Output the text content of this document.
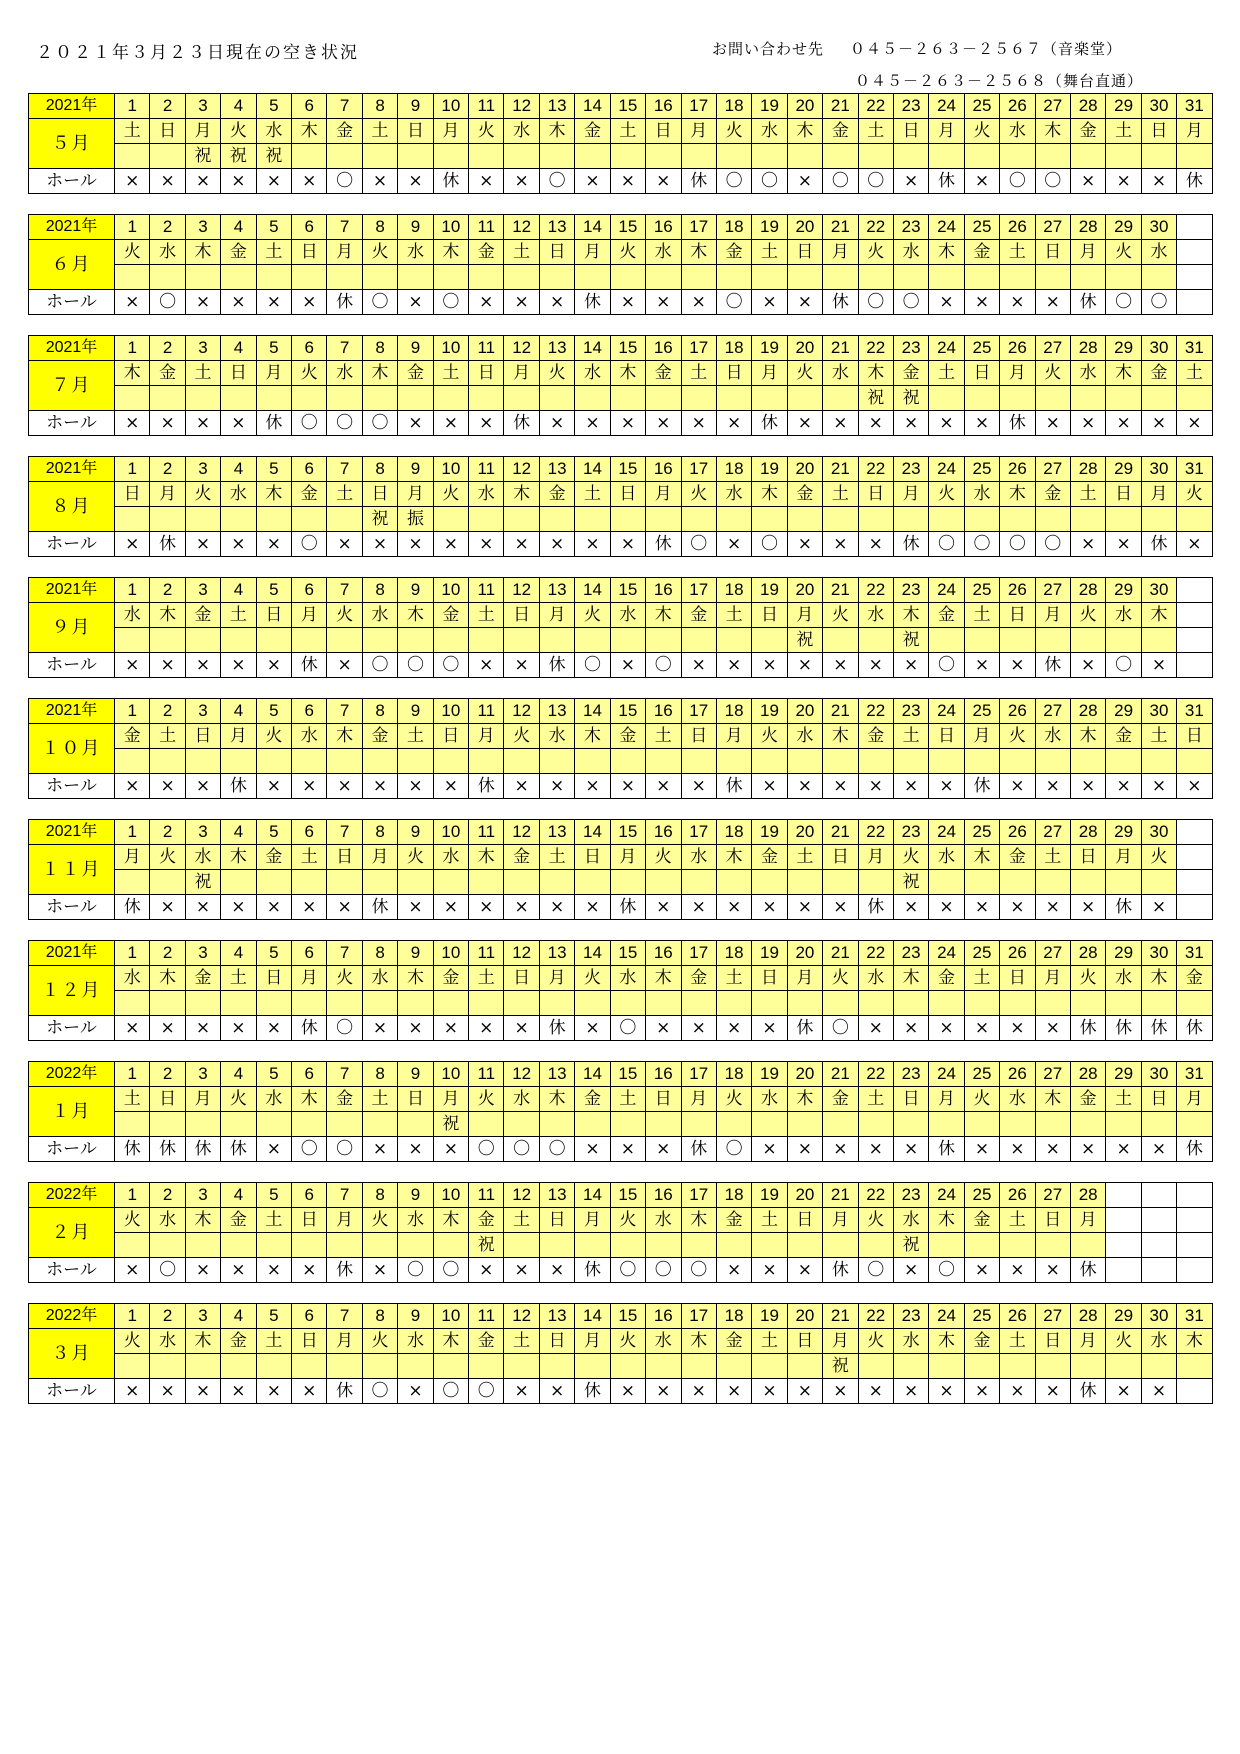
２０２１年３月２３日現在の空き状況	お問い合わせ先 ０４５－２６３－２５６７（音楽堂）
０４５－２６３－２５６８（舞台直通）
2021年	1	2	3	4	5	6	7	8	9	10	11	12	13	14	15	16	17	18	19	20	21	22	23	24	25	26	27	28	29	30	31
５月	土	日	月	火	水	木	金	土	日	月	火	水	木	金	土	日	月	火	水	木	金	土	日	月	火	水	木	金	土	日	月
			祝	祝	祝																										
ホール	×	×	×	×	×	×	〇	×	×	休	×	×	〇	×	×	×	休	〇	〇	×	〇	〇	×	休	×	〇	〇	×	×	×	休
2021年	1	2	3	4	5	6	7	8	9	10	11	12	13	14	15	16	17	18	19	20	21	22	23	24	25	26	27	28	29	30	
６月	火	水	木	金	土	日	月	火	水	木	金	土	日	月	火	水	木	金	土	日	月	火	水	木	金	土	日	月	火	水	

ホール	×	〇	×	×	×	×	休	〇	×	〇	×	×	×	休	×	×	×	〇	×	×	休	〇	〇	×	×	×	×	休	〇	〇	
2021年	1	2	3	4	5	6	7	8	9	10	11	12	13	14	15	16	17	18	19	20	21	22	23	24	25	26	27	28	29	30	31
７月	木	金	土	日	月	火	水	木	金	土	日	月	火	水	木	金	土	日	月	火	水	木	金	土	日	月	火	水	木	金	土
																						祝	祝								
ホール	×	×	×	×	休	〇	〇	〇	×	×	×	休	×	×	×	×	×	×	休	×	×	×	×	×	×	休	×	×	×	×	×
2021年	1	2	3	4	5	6	7	8	9	10	11	12	13	14	15	16	17	18	19	20	21	22	23	24	25	26	27	28	29	30	31
８月	日	月	火	水	木	金	土	日	月	火	水	木	金	土	日	月	火	水	木	金	土	日	月	火	水	木	金	土	日	月	火
								祝	振																						
ホール	×	休	×	×	×	〇	×	×	×	×	×	×	×	×	×	休	〇	×	〇	×	×	×	休	〇	〇	〇	〇	×	×	休	×
2021年	1	2	3	4	5	6	7	8	9	10	11	12	13	14	15	16	17	18	19	20	21	22	23	24	25	26	27	28	29	30	
９月	水	木	金	土	日	月	火	水	木	金	土	日	月	火	水	木	金	土	日	月	火	水	木	金	土	日	月	火	水	木	
																				祝			祝								
ホール	×	×	×	×	×	休	×	〇	〇	〇	×	×	休	〇	×	〇	×	×	×	×	×	×	×	〇	×	×	休	×	〇	×	
2021年	1	2	3	4	5	6	7	8	9	10	11	12	13	14	15	16	17	18	19	20	21	22	23	24	25	26	27	28	29	30	31
１０月	金	土	日	月	火	水	木	金	土	日	月	火	水	木	金	土	日	月	火	水	木	金	土	日	月	火	水	木	金	土	日

ホール	×	×	×	休	×	×	×	×	×	×	休	×	×	×	×	×	×	休	×	×	×	×	×	×	休	×	×	×	×	×	×
2021年	1	2	3	4	5	6	7	8	9	10	11	12	13	14	15	16	17	18	19	20	21	22	23	24	25	26	27	28	29	30	
１１月	月	火	水	木	金	土	日	月	火	水	木	金	土	日	月	火	水	木	金	土	日	月	火	水	木	金	土	日	月	火	
			祝																				祝								
ホール	休	×	×	×	×	×	×	休	×	×	×	×	×	×	休	×	×	×	×	×	×	休	×	×	×	×	×	×	休	×	
2021年	1	2	3	4	5	6	7	8	9	10	11	12	13	14	15	16	17	18	19	20	21	22	23	24	25	26	27	28	29	30	31
１２月	水	木	金	土	日	月	火	水	木	金	土	日	月	火	水	木	金	土	日	月	火	水	木	金	土	日	月	火	水	木	金

ホール	×	×	×	×	×	休	〇	×	×	×	×	×	休	×	〇	×	×	×	×	休	〇	×	×	×	×	×	×	休	休	休	休
2022年	1	2	3	4	5	6	7	8	9	10	11	12	13	14	15	16	17	18	19	20	21	22	23	24	25	26	27	28	29	30	31
１月	土	日	月	火	水	木	金	土	日	月	火	水	木	金	土	日	月	火	水	木	金	土	日	月	火	水	木	金	土	日	月
										祝																					
ホール	休	休	休	休	×	〇	〇	×	×	×	〇	〇	〇	×	×	×	休	〇	×	×	×	×	×	休	×	×	×	×	×	×	休
2022年	1	2	3	4	5	6	7	8	9	10	11	12	13	14	15	16	17	18	19	20	21	22	23	24	25	26	27	28			
２月	火	水	木	金	土	日	月	火	水	木	金	土	日	月	火	水	木	金	土	日	月	火	水	木	金	土	日	月			
											祝												祝								
ホール	×	〇	×	×	×	×	休	×	〇	〇	×	×	×	休	〇	〇	〇	×	×	×	休	〇	×	〇	×	×	×	休			
2022年	1	2	3	4	5	6	7	8	9	10	11	12	13	14	15	16	17	18	19	20	21	22	23	24	25	26	27	28	29	30	31
３月	火	水	木	金	土	日	月	火	水	木	金	土	日	月	火	水	木	金	土	日	月	火	水	木	金	土	日	月	火	水	木
																					祝										
ホール	×	×	×	×	×	×	休	〇	×	〇	〇	×	×	休	×	×	×	×	×	×	×	×	×	×	×	×	×	休	×	×	
